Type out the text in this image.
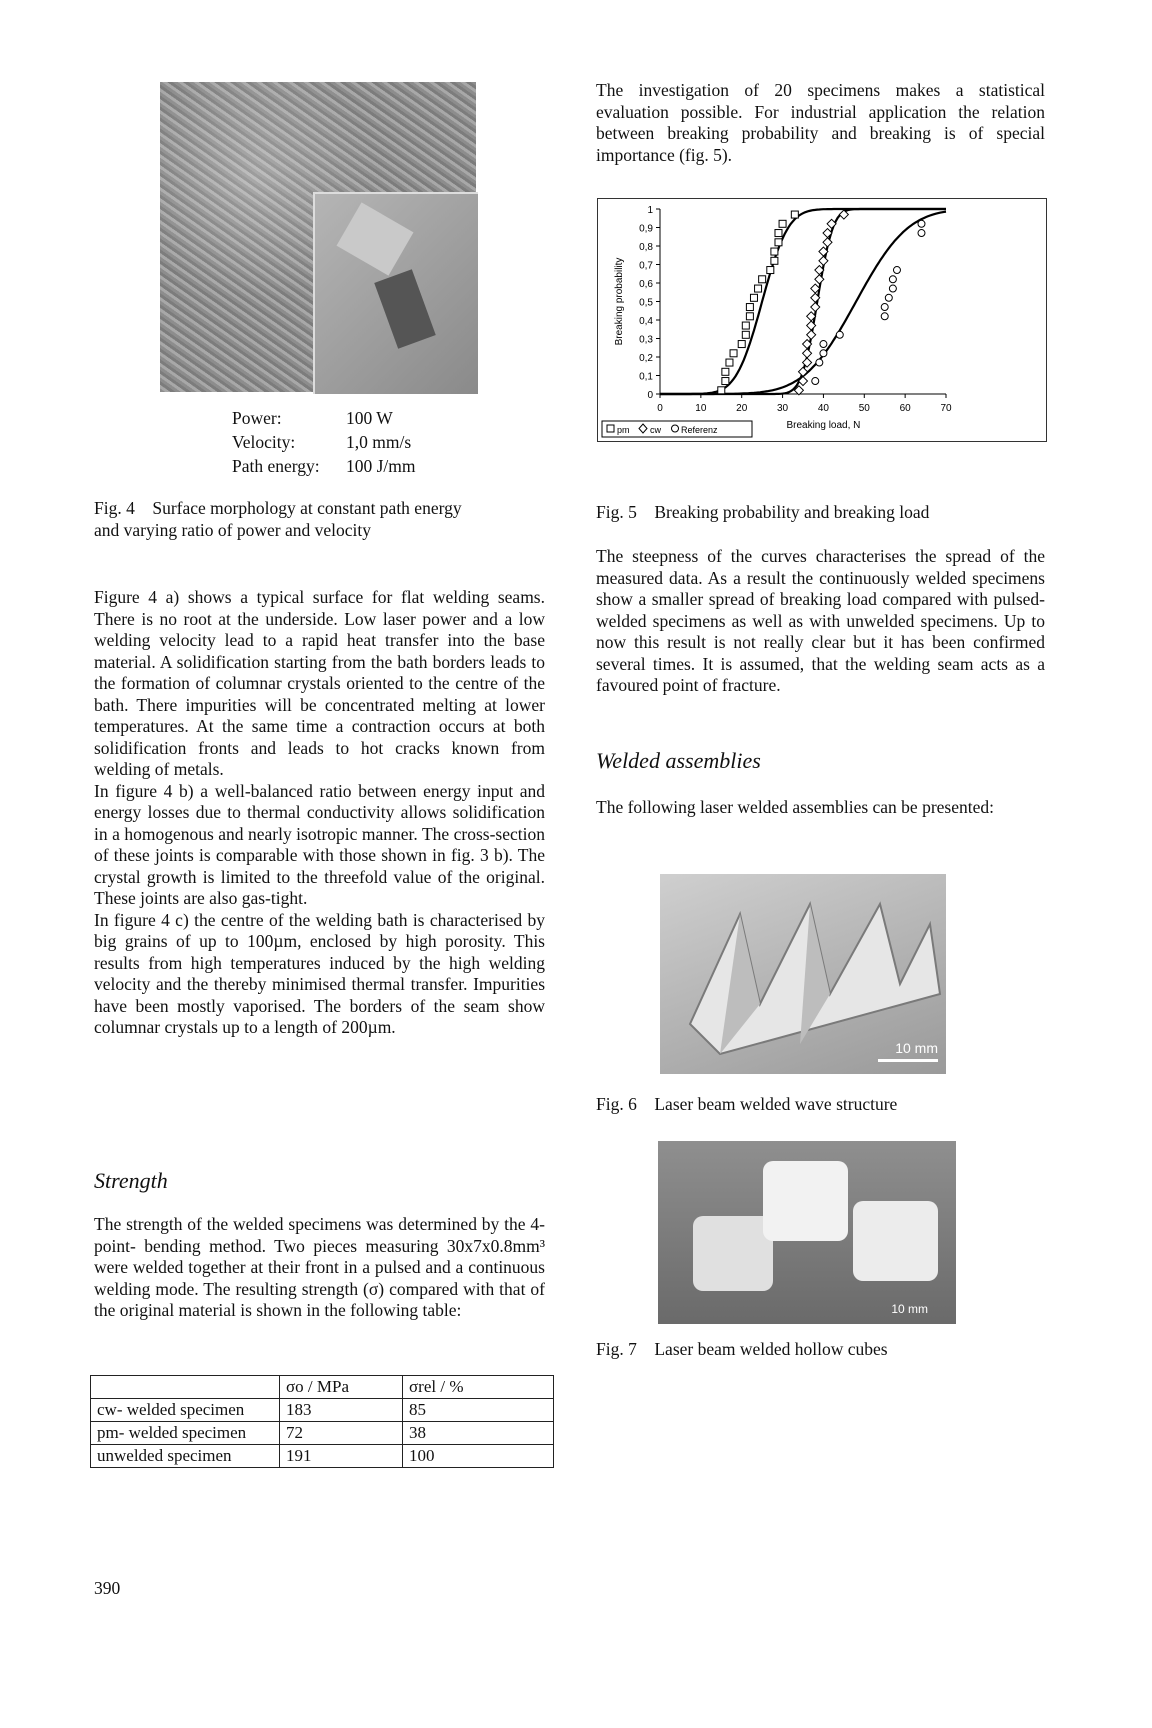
Power:	100 W
Velocity:	1,0 mm/s
Path energy:	100 J/mm
Fig. 4 Surface morphology at constant path energy
and varying ratio of power and velocity

The investigation of 20 specimens makes a statistical evaluation possible. For industrial application the relation between breaking probability and breaking is of special importance (fig. 5).

0
0,1
0,2
0,3
0,4
0,5
0,6
0,7
0,8
0,9
1
0	10	20	30	40	50	60	70
Breaking probability
Breaking load, N
pm cw Referenz
Fig. 5 Breaking probability and breaking load

Figure 4 a) shows a typical surface for flat welding seams. There is no root at the underside. Low laser power and a low welding velocity lead to a rapid heat transfer into the base material. A solidification starting from the bath borders leads to the formation of columnar crystals oriented to the centre of the bath. There impurities will be concentrated melting at lower temperatures. At the same time a contraction occurs at both solidification fronts and leads to hot cracks known from welding of metals.

In figure 4 b) a well-balanced ratio between energy input and energy losses due to thermal conductivity allows solidification in a homogenous and nearly isotropic manner. The cross-section of these joints is comparable with those shown in fig. 3 b). The crystal growth is limited to the threefold value of the original. These joints are also gas-tight.

In figure 4 c) the centre of the welding bath is characterised by big grains of up to 100µm, enclosed by high porosity. This results from high temperatures induced by the high welding velocity and the thereby minimised thermal transfer. Impurities have been mostly vaporised. The borders of the seam show columnar crystals up to a length of 200µm.

The steepness of the curves characterises the spread of the measured data. As a result the continuously welded specimens show a smaller spread of breaking load compared with pulsed-welded specimens as well as with unwelded specimens. Up to now this result is not really clear but it has been confirmed several times. It is assumed, that the welding seam acts as a favoured point of fracture.

Welded assemblies

The following laser welded assemblies can be presented:

10 mm
Fig. 6 Laser beam welded wave structure
10 mm
Fig. 7 Laser beam welded hollow cubes
Strength

The strength of the welded specimens was determined by the 4- point- bending method. Two pieces measuring 30x7x0.8mm³ were welded together at their front in a pulsed and a continuous welding mode. The resulting strength (σ) compared with that of the original material is shown in the following table:

	σo / MPa	σrel / %
cw- welded specimen	183	85
pm- welded specimen	72	38
unwelded specimen	191	100
390
